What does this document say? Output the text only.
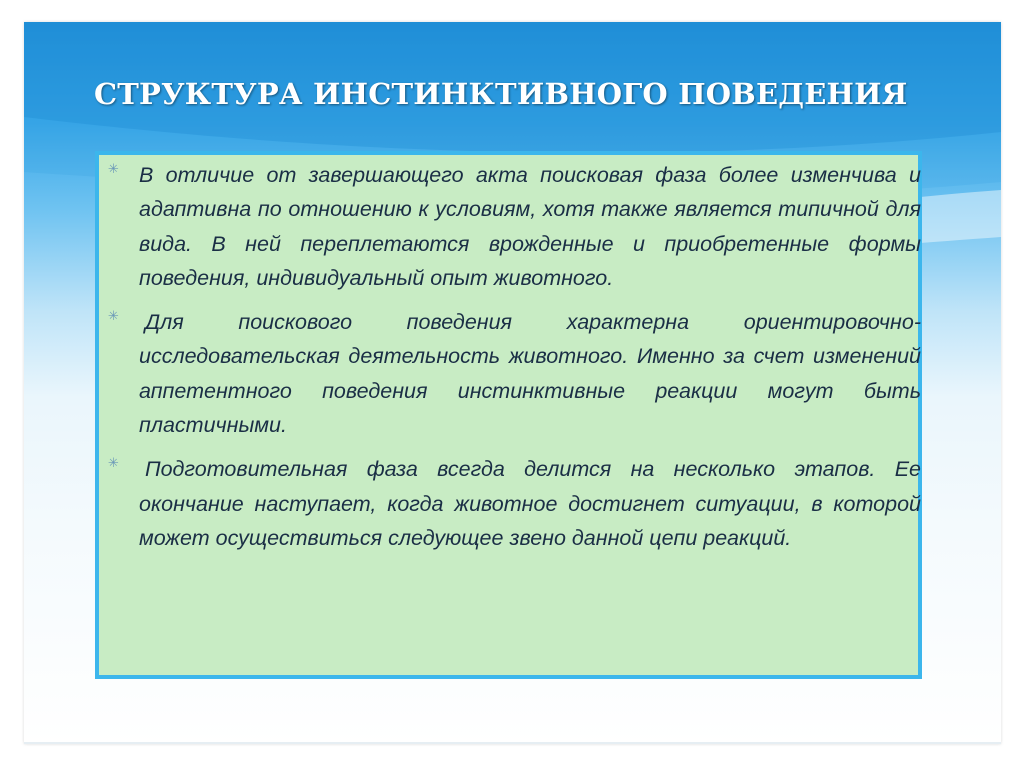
СТРУКТУРА ИНСТИНКТИВНОГО ПОВЕДЕНИЯ
✳ В отличие от завершающего акта поисковая фаза более изменчива и адаптивна по отношению к условиям, хотя также является типичной для вида. В ней переплетаются врожденные и приобретенные формы поведения, индивидуальный опыт животного.
✳ Для поискового поведения характерна ориентировочно-исследовательская деятельность животного. Именно за счет изменений аппетентного поведения инстинктивные реакции могут быть пластичными.
✳ Подготовительная фаза всегда делится на несколько этапов. Ее окончание наступает, когда животное достигнет ситуации, в которой может осуществиться следующее звено данной цепи реакций.
